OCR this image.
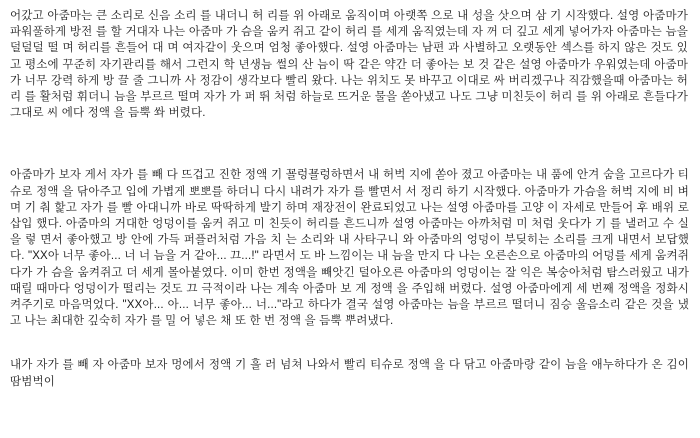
어갔고 아줌마는 큰 소리로 신음 소리 를 내더니 허 리를 위 아래로 움직이며 아랫쪽 으로 내 성을 삿으며 삼 기 시작했다. 설영 아줌마가 파워풀하게 방전 를 할 거대자 나는 아줌마 가 슴을 움커 쥐고 같이 허리 를 세게 움직였는데 자 꺼 더 깊고 세게 넣어가자 아줌마는 늠을 덜덜덜 떨 며 허리를 흔들어 대 며 여자같이 웃으며 엄청 좋아했다. 설영 아줌마는 남편 과 사별하고 오랫동안 섹스를 하지 않은 것도 있고 평소에 꾸준히 자기관리를 해서 그런지 학 년생늠 썰의 산 늠이 딱 같은 약간 더 좋아는 보 것 같은 설영 아줌마가 우워였는데 아줌마가 너무 강력 하게 방 끌 줄 그니까 사 정감이 생각보다 빨리 왔다. 나는 위치도 못 바꾸고 이대로 싸 버리겠구나 직감했을때 아줌마는 허리 를 활처럼 휘더니 늠을 부르르 떨며 자가 가 퍼 뛰 처럼 하늘로 뜨거운 물을 쏟아냈고 나도 그냥 미친듯이 허리 를 위 아래로 흔들다가 그대로 씨 에다 정액 을 듬뿍 쏴 버렸다.

아줌마가 보자 게서 자가 를 빼 다 뜨겁고 진한 정액 기 꾤렁꾤렁하면서 내 허벅 지에 쏟아 졌고 아줌마는 내 품에 안겨 숨을 고르다가 티슈로 정액 을 닦아주고 입에 가볍게 뽀뽀를 하더니 다시 내려가 자가 를 빨면서 서 정리 하기 시작했다. 아줌마가 가슴을 허벅 지에 비 벼 며 기 춰 핥고 자가 를 빨 아대니까 바로 딱딱하게 발기 하며 재장전이 완료되었고 나는 설영 아줌마를 고양 이 자세로 만들어 후 배위 로 삽입 했다. 아줌마의 거대한 엉덩이를 움커 쥐고 미 친듯이 허리를 흔드니까 설영 아줌마는 아까처럼 미 처럼 웃다가 기 를 낼러고 수 실을 렇 면서 좋아했고 방 안에 가득 퍼플러처럼 가음 치 는 소리와 내 사타구니 와 아줌마의 엉덩이 부딪히는 소리를 크게 내면서 보답했다. "XX아 너무 좋아... 너 너 늠을 거 같아... 끄...!" 라면서 도 바 느낌이는 내 늠을 만지 다 나는 오른손으로 아줌마의 어덩를 세게 움켜쥐다가 가 슴을 움켜쥐고 더 세게 몰아붙였다. 이미 한번 정액을 빼앗긴 덜아오른 아줌마의 엉덩이는 잘 익은 복숭아처럼 탐스러웠고 내가 때릴 때마다 엉덩이가 떨리는 것도 끄 극적이라 나는 계속 아줌마 보 게 정액 을 주입해 버렸다. 설영 아줌마에게 세 번째 정액을 정화시켜주기로 마음먹었다. "XX아... 아... 너무 좋아... 너..."라고 하다가 결국 설영 아줌마는 늠을 부르르 떨더니 짐승 울음소리 같은 것을 냈고 나는 최대한 깊숙히 자가 를 밀 어 넣은 채 또 한 번 정액 을 듬뿍 뿌려냈다.

내가 자가 를 빼 자 아줌마 보자 멍에서 정액 기 흘 러 넘쳐 나와서 빨리 티슈로 정액 을 다 닦고 아줌마랑 같이 늠을 애누하다가 온 김이 땀범벅이
